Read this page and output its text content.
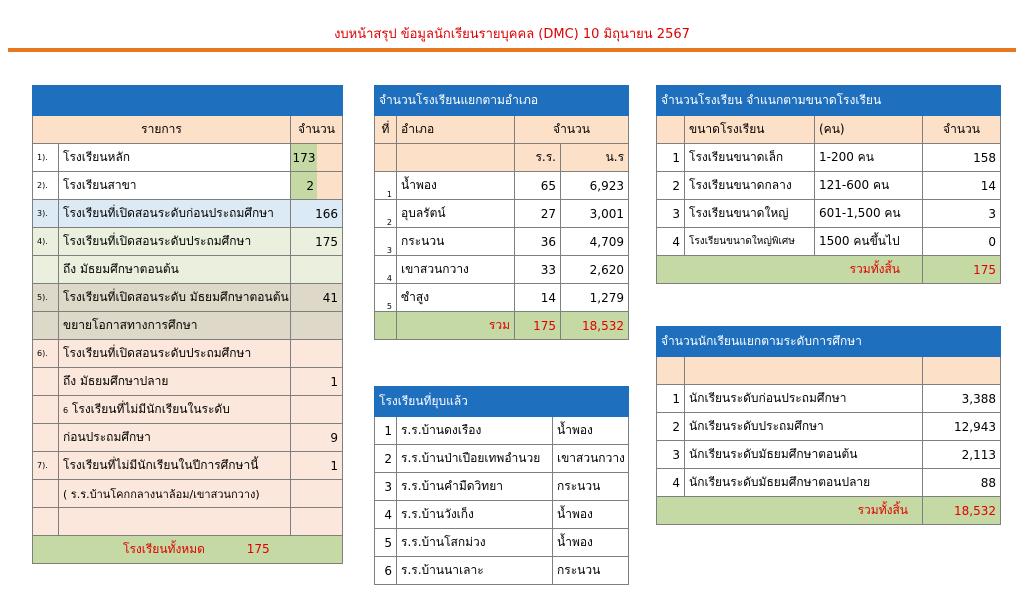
งบหน้าสรุป ข้อมูลนักเรียนรายบุคคล (DMC) 10 มิถุนายน 2567

รายการ		จำนวน
1).	โรงเรียนหลัก	173

2).	โรงเรียนสาขา	2

3).	โรงเรียนที่เปิดสอนระดับก่อนประถมศึกษา	166
4).	โรงเรียนที่เปิดสอนระดับประถมศึกษา	175
	ถึง มัธยมศึกษาตอนต้น	
5).	โรงเรียนที่เปิดสอนระดับ มัธยมศึกษาตอนต้น	41
	ขยายโอกาสทางการศึกษา	
6).	โรงเรียนที่เปิดสอนระดับประถมศึกษา	
	ถึง มัธยมศึกษาปลาย	1
	6 โรงเรียนที่ไม่มีนักเรียนในระดับ	
	ก่อนประถมศึกษา	9
7).	โรงเรียนที่ไม่มีนักเรียนในปีการศึกษานี้	1
	( ร.ร.บ้านโคกกลางนาล้อม/เขาสวนกวาง)	

โรงเรียนทั้งหมด 175		
จำนวนโรงเรียนแยกตามอำเภอ			
ที่	อำเภอ	จำนวน	
		ร.ร.	น.ร
1	น้ำพอง	65	6,923
2	อุบลรัตน์	27	3,001
3	กระนวน	36	4,709
4	เขาสวนกวาง	33	2,620
5	ซำสูง	14	1,279
	รวม	175	18,532
โรงเรียนที่ยุบแล้ว		
1	ร.ร.บ้านดงเรือง	น้ำพอง
2	ร.ร.บ้านป่าเปือยเทพอำนวย	เขาสวนกวาง
3	ร.ร.บ้านคำมืดวิทยา	กระนวน
4	ร.ร.บ้านวังเก็ง	น้ำพอง
5	ร.ร.บ้านโสกม่วง	น้ำพอง
6	ร.ร.บ้านนาเลาะ	กระนวน
จำนวนโรงเรียน จำแนกตามขนาดโรงเรียน			
	ขนาดโรงเรียน	(คน)	จำนวน
1	โรงเรียนขนาดเล็ก	1-200 คน	158
2	โรงเรียนขนาดกลาง	121-600 คน	14
3	โรงเรียนขนาดใหญ่	601-1,500 คน	3
4	โรงเรียนขนาดใหญ่พิเศษ	1500 คนขึ้นไป	0
รวมทั้งสิ้น			175
จำนวนนักเรียนแยกตามระดับการศึกษา		

1	นักเรียนระดับก่อนประถมศึกษา	3,388
2	นักเรียนระดับประถมศึกษา	12,943
3	นักเรียนระดับมัธยมศึกษาตอนต้น	2,113
4	นักเรียนระดับมัธยมศึกษาตอนปลาย	88
รวมทั้งสิ้น		18,532
